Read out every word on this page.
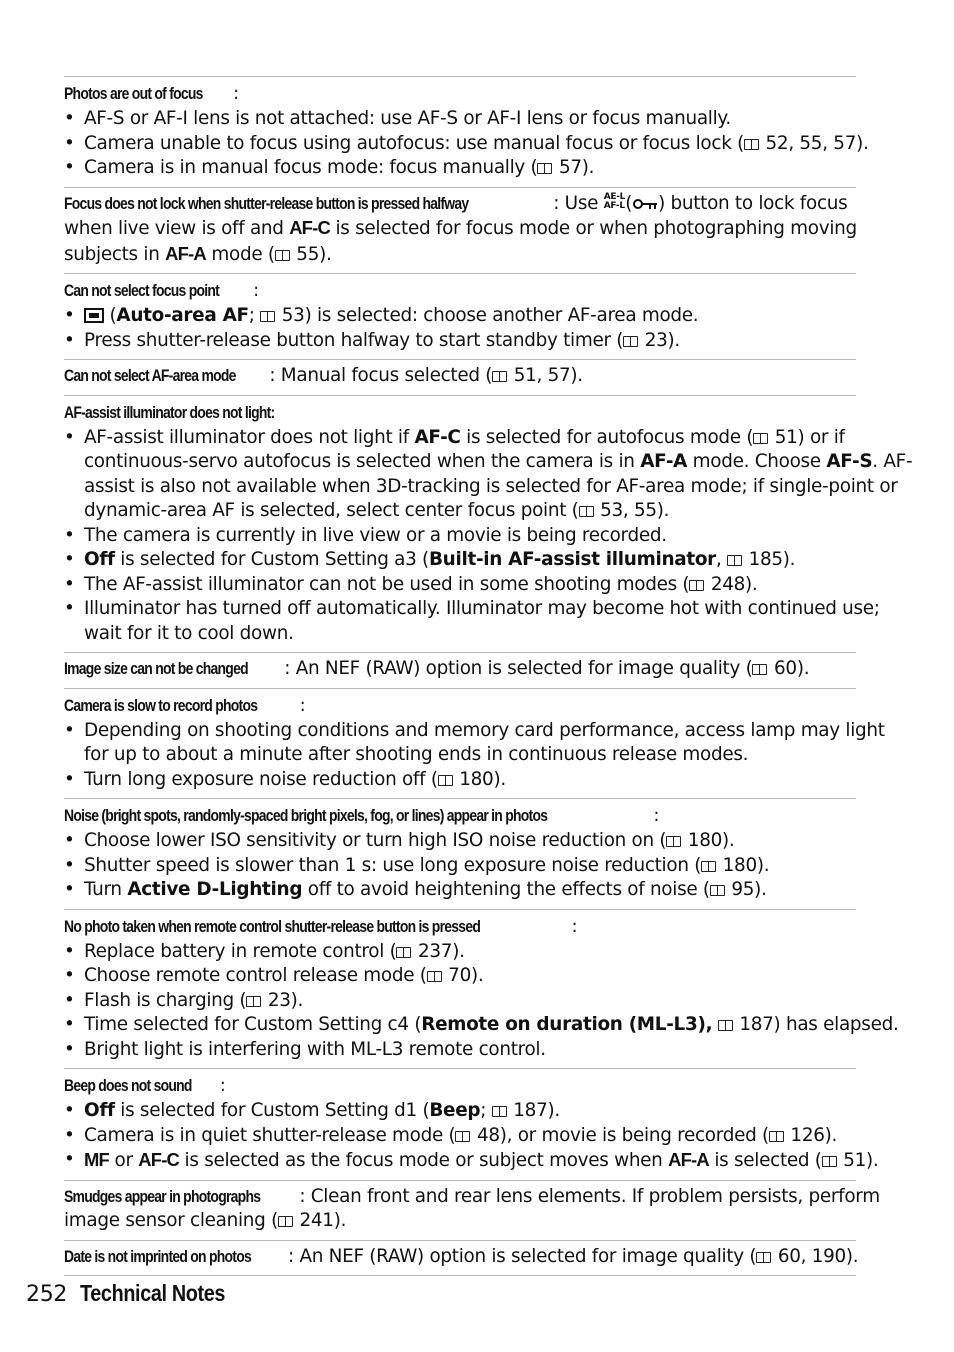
Photos are out of focus :
• AF-S or AF-I lens is not attached: use AF-S or AF-I lens or focus manually.
• Camera unable to focus using autofocus: use manual focus or focus lock ( 52, 55, 57).
• Camera is in manual focus mode: focus manually ( 57).
Focus does not lock when shutter-release button is pressed halfway	: Use AE-L
AF-L ( ) button to lock focus
when live view is off and AF-C is selected for focus mode or when photographing moving
subjects in AF-A mode ( 55).
Can not select focus point :
• (Auto-area AF;  53) is selected: choose another AF-area mode.
• Press shutter-release button halfway to start standby timer ( 23).
Can not select AF-area mode : Manual focus selected ( 51, 57).
AF-assist illuminator does not light:
• AF-assist illuminator does not light if AF-C is selected for autofocus mode ( 51) or if
continuous-servo autofocus is selected when the camera is in AF-A mode. Choose AF-S. AF-
assist is also not available when 3D-tracking is selected for AF-area mode; if single-point or
dynamic-area AF is selected, select center focus point ( 53, 55).
• The camera is currently in live view or a movie is being recorded.
• Off is selected for Custom Setting a3 (Built-in AF-assist illuminator,  185).
• The AF-assist illuminator can not be used in some shooting modes ( 248).
• Illuminator has turned off automatically. Illuminator may become hot with continued use;
wait for it to cool down.
Image size can not be changed : An NEF (RAW) option is selected for image quality ( 60).
Camera is slow to record photos :
• Depending on shooting conditions and memory card performance, access lamp may light
for up to about a minute after shooting ends in continuous release modes.
• Turn long exposure noise reduction off ( 180).
Noise (bright spots, randomly-spaced bright pixels, fog, or lines) appear in photos	:
• Choose lower ISO sensitivity or turn high ISO noise reduction on ( 180).
• Shutter speed is slower than 1 s: use long exposure noise reduction ( 180).
• Turn Active D-Lighting off to avoid heightening the effects of noise ( 95).
No photo taken when remote control shutter-release button is pressed	:
• Replace battery in remote control ( 237).
• Choose remote control release mode ( 70).
• Flash is charging ( 23).
• Time selected for Custom Setting c4 (Remote on duration (ML-L3),  187) has elapsed.
• Bright light is interfering with ML-L3 remote control.
Beep does not sound :
• Off is selected for Custom Setting d1 (Beep;  187).
• Camera is in quiet shutter-release mode ( 48), or movie is being recorded ( 126).
• MF or AF-C is selected as the focus mode or subject moves when AF-A is selected ( 51).
Smudges appear in photographs : Clean front and rear lens elements. If problem persists, perform
image sensor cleaning ( 241).
Date is not imprinted on photos : An NEF (RAW) option is selected for image quality ( 60, 190).
252 Technical Notes
